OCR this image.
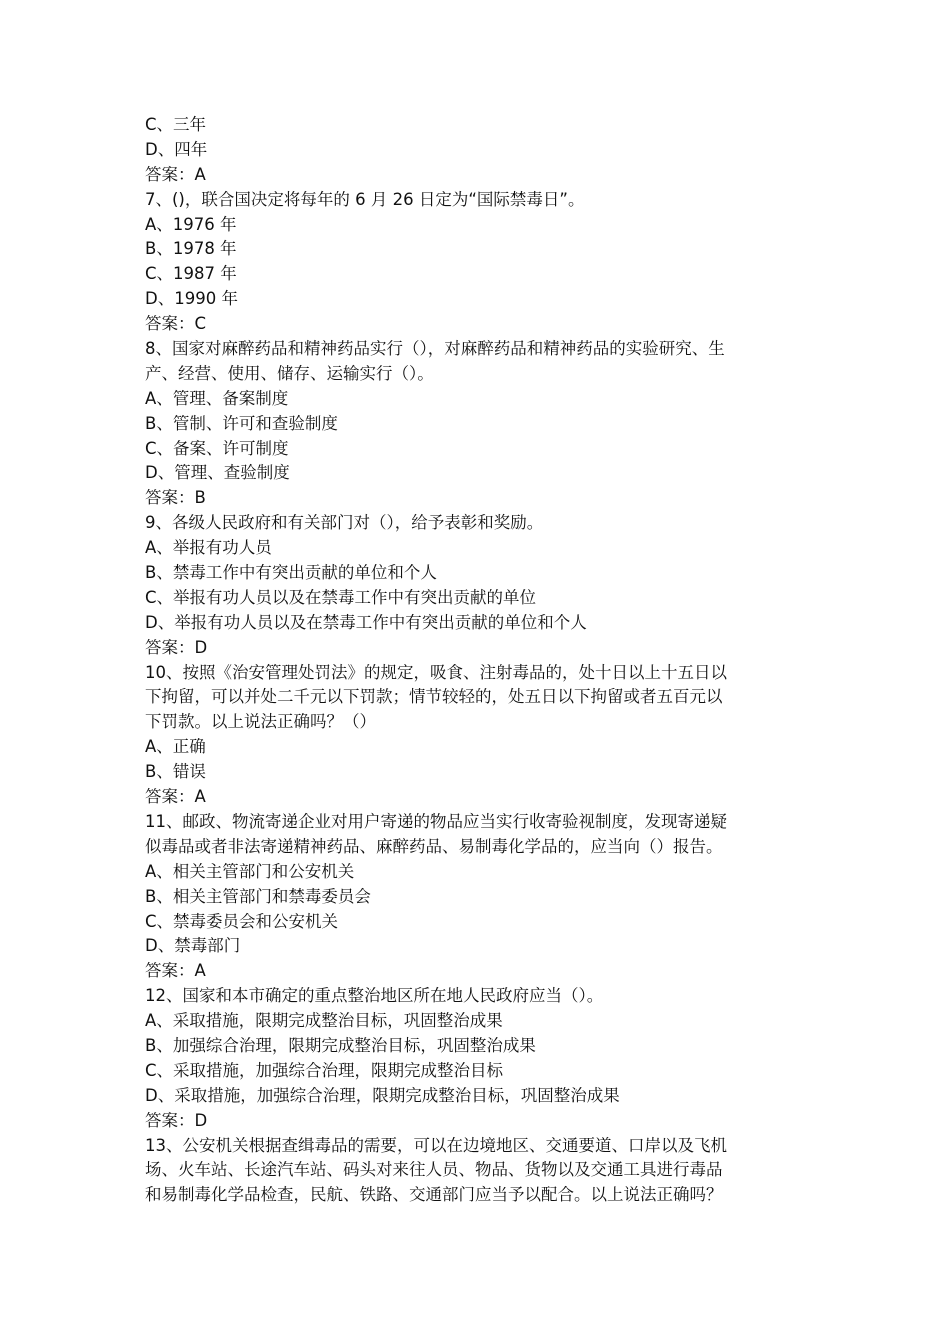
C、三年
D、四年
答案：A
7、()，联合国决定将每年的 6 月 26 日定为“国际禁毒日”。
A、1976 年
B、1978 年
C、1987 年
D、1990 年
答案：C
8、国家对麻醉药品和精神药品实行（），对麻醉药品和精神药品的实验研究、生
产、经营、使用、储存、运输实行（）。
A、管理、备案制度
B、管制、许可和查验制度
C、备案、许可制度
D、管理、查验制度
答案：B
9、各级人民政府和有关部门对（），给予表彰和奖励。
A、举报有功人员
B、禁毒工作中有突出贡献的单位和个人
C、举报有功人员以及在禁毒工作中有突出贡献的单位
D、举报有功人员以及在禁毒工作中有突出贡献的单位和个人
答案：D
10、按照《治安管理处罚法》的规定，吸食、注射毒品的，处十日以上十五日以
下拘留，可以并处二千元以下罚款；情节较轻的，处五日以下拘留或者五百元以
下罚款。以上说法正确吗？（）
A、正确
B、错误
答案：A
11、邮政、物流寄递企业对用户寄递的物品应当实行收寄验视制度，发现寄递疑
似毒品或者非法寄递精神药品、麻醉药品、易制毒化学品的，应当向（）报告。
A、相关主管部门和公安机关
B、相关主管部门和禁毒委员会
C、禁毒委员会和公安机关
D、禁毒部门
答案：A
12、国家和本市确定的重点整治地区所在地人民政府应当（）。
A、采取措施，限期完成整治目标，巩固整治成果
B、加强综合治理，限期完成整治目标，巩固整治成果
C、采取措施，加强综合治理，限期完成整治目标
D、采取措施，加强综合治理，限期完成整治目标，巩固整治成果
答案：D
13、公安机关根据查缉毒品的需要，可以在边境地区、交通要道、口岸以及飞机
场、火车站、长途汽车站、码头对来往人员、物品、货物以及交通工具进行毒品
和易制毒化学品检查，民航、铁路、交通部门应当予以配合。以上说法正确吗？
